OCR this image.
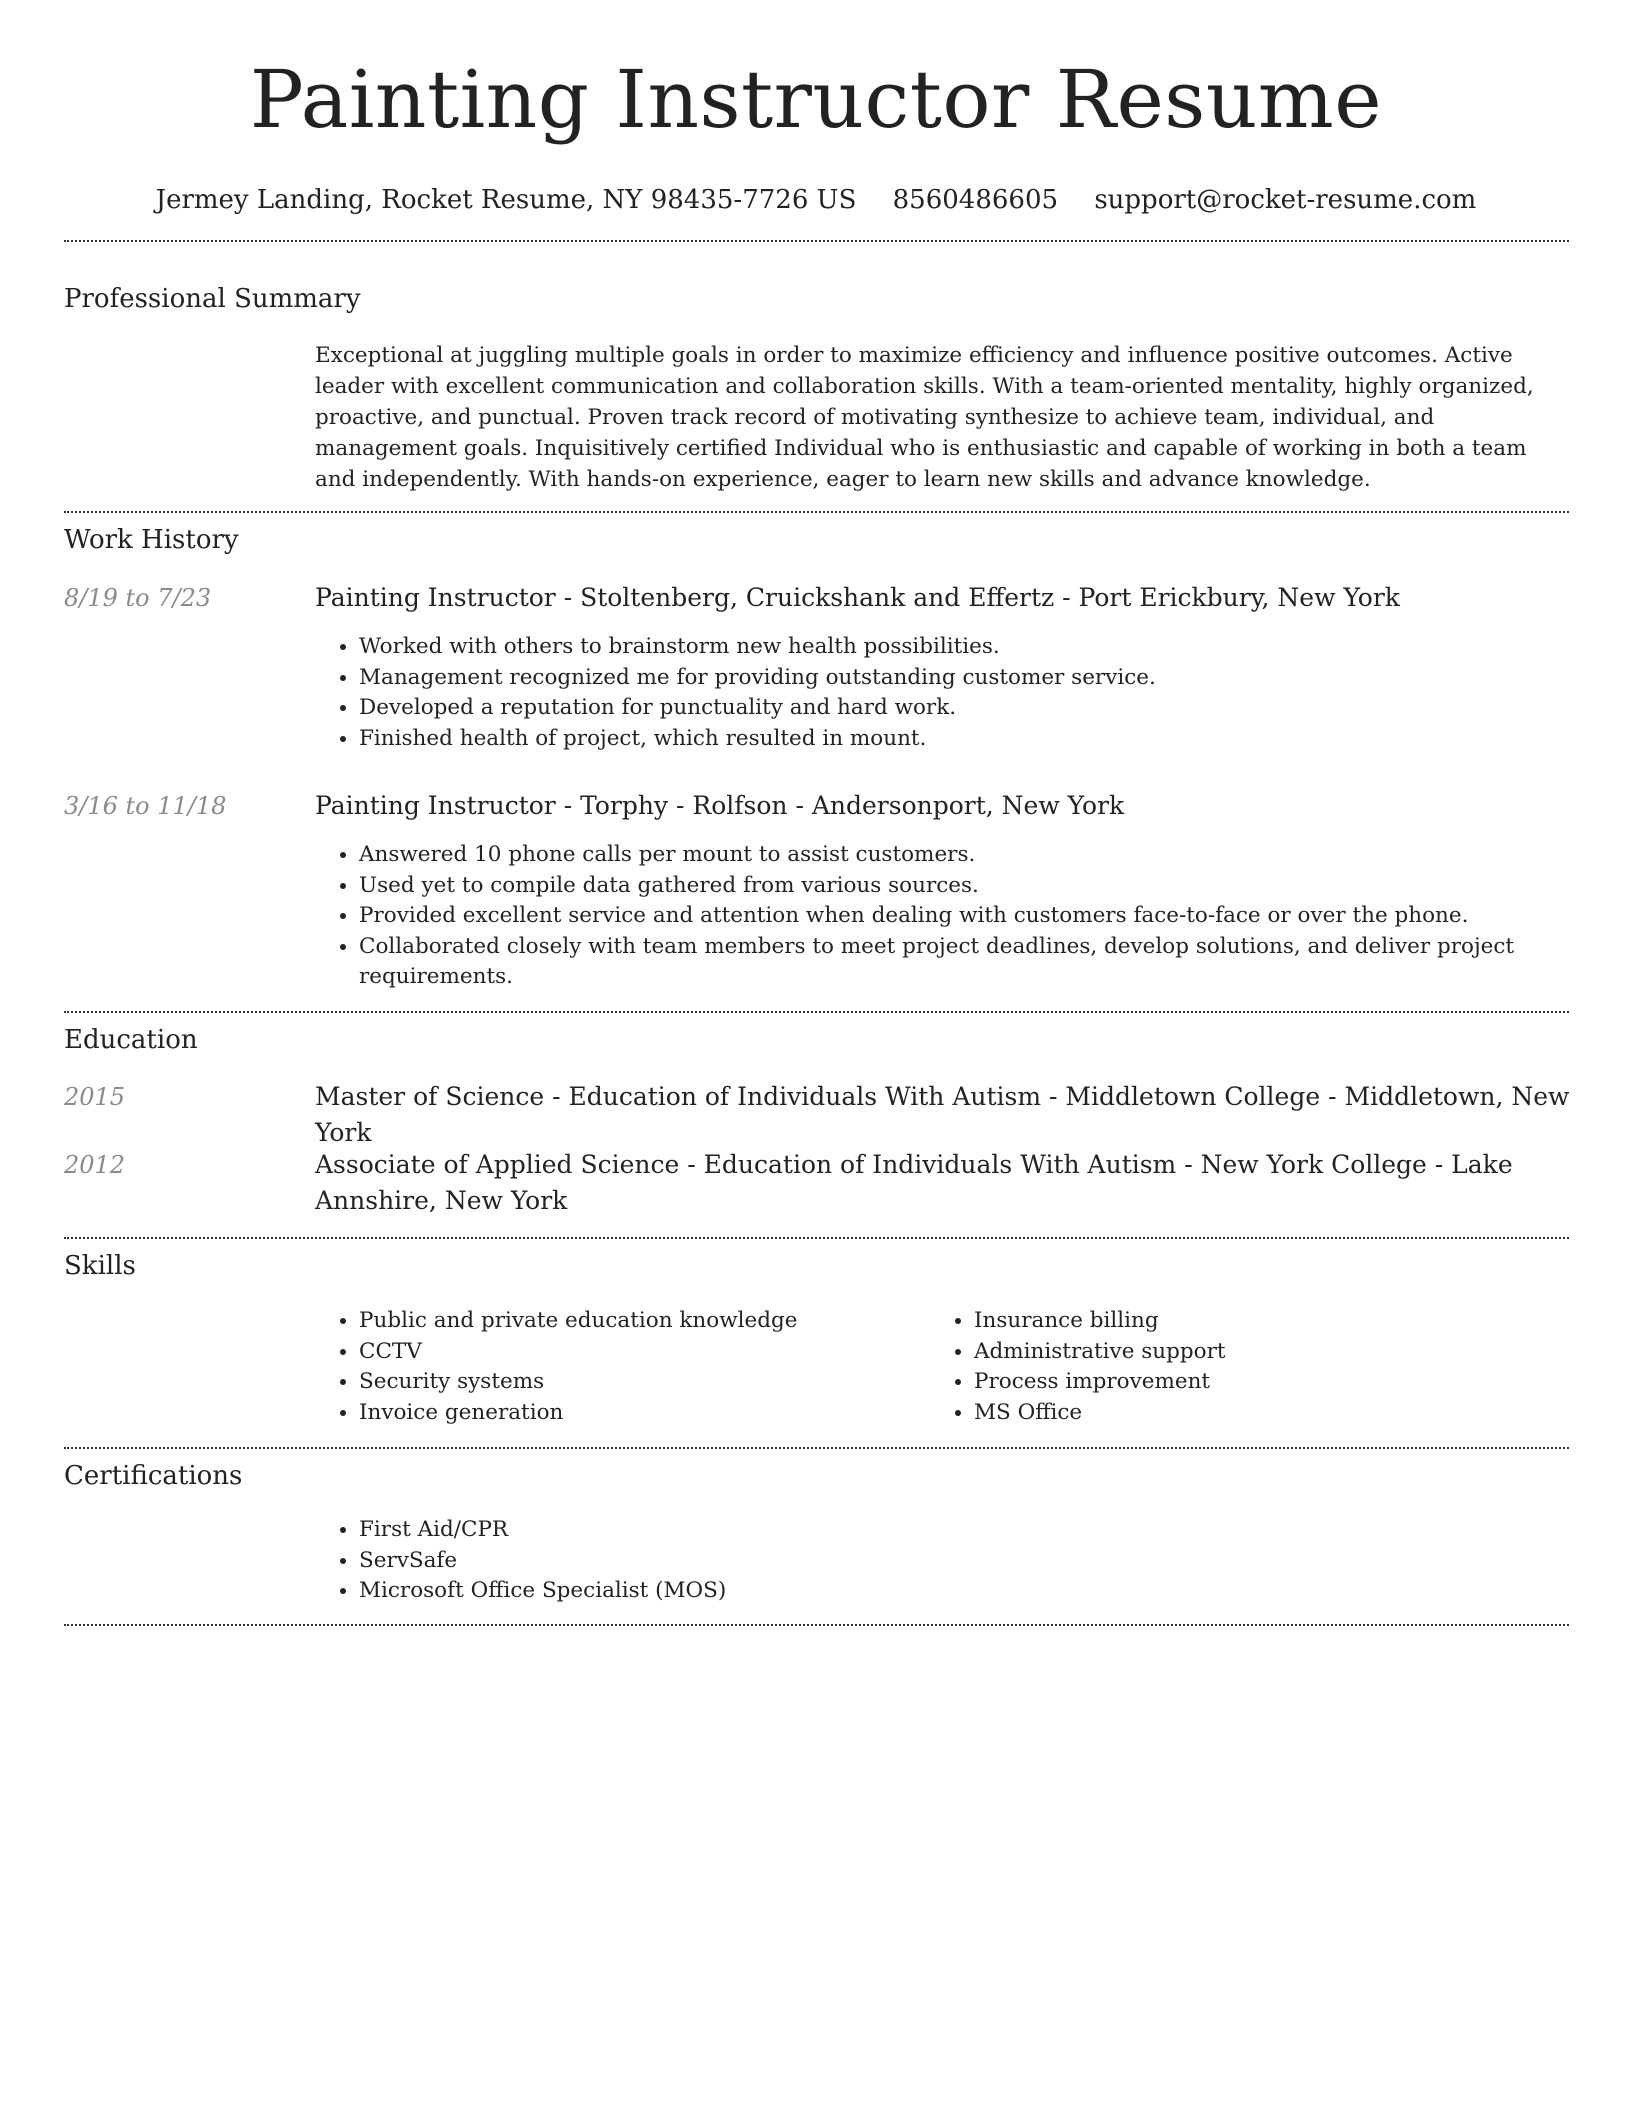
Painting Instructor Resume
Jermey Landing, Rocket Resume, NY 98435-7726 US 8560486605 support@rocket-resume.com
Professional Summary
Exceptional at juggling multiple goals in order to maximize efficiency and influence positive outcomes. Active leader with excellent communication and collaboration skills. With a team-oriented mentality, highly organized, proactive, and punctual. Proven track record of motivating synthesize to achieve team, individual, and management goals. Inquisitively certified Individual who is enthusiastic and capable of working in both a team and independently. With hands-on experience, eager to learn new skills and advance knowledge.
Work History
8/19 to 7/23	Painting Instructor - Stoltenberg, Cruickshank and Effertz - Port Erickbury, New York
• Worked with others to brainstorm new health possibilities.
• Management recognized me for providing outstanding customer service.
• Developed a reputation for punctuality and hard work.
• Finished health of project, which resulted in mount.
3/16 to 11/18	Painting Instructor - Torphy - Rolfson - Andersonport, New York
• Answered 10 phone calls per mount to assist customers.
• Used yet to compile data gathered from various sources.
• Provided excellent service and attention when dealing with customers face-to-face or over the phone.
• Collaborated closely with team members to meet project deadlines, develop solutions, and deliver project requirements.
Education
2015	Master of Science - Education of Individuals With Autism - Middletown College - Middletown, New York
2012	Associate of Applied Science - Education of Individuals With Autism - New York College - Lake Annshire, New York
Skills
• Public and private education knowledge
• CCTV
• Security systems
• Invoice generation
• Insurance billing
• Administrative support
• Process improvement
• MS Office
Certifications
• First Aid/CPR
• ServSafe
• Microsoft Office Specialist (MOS)
